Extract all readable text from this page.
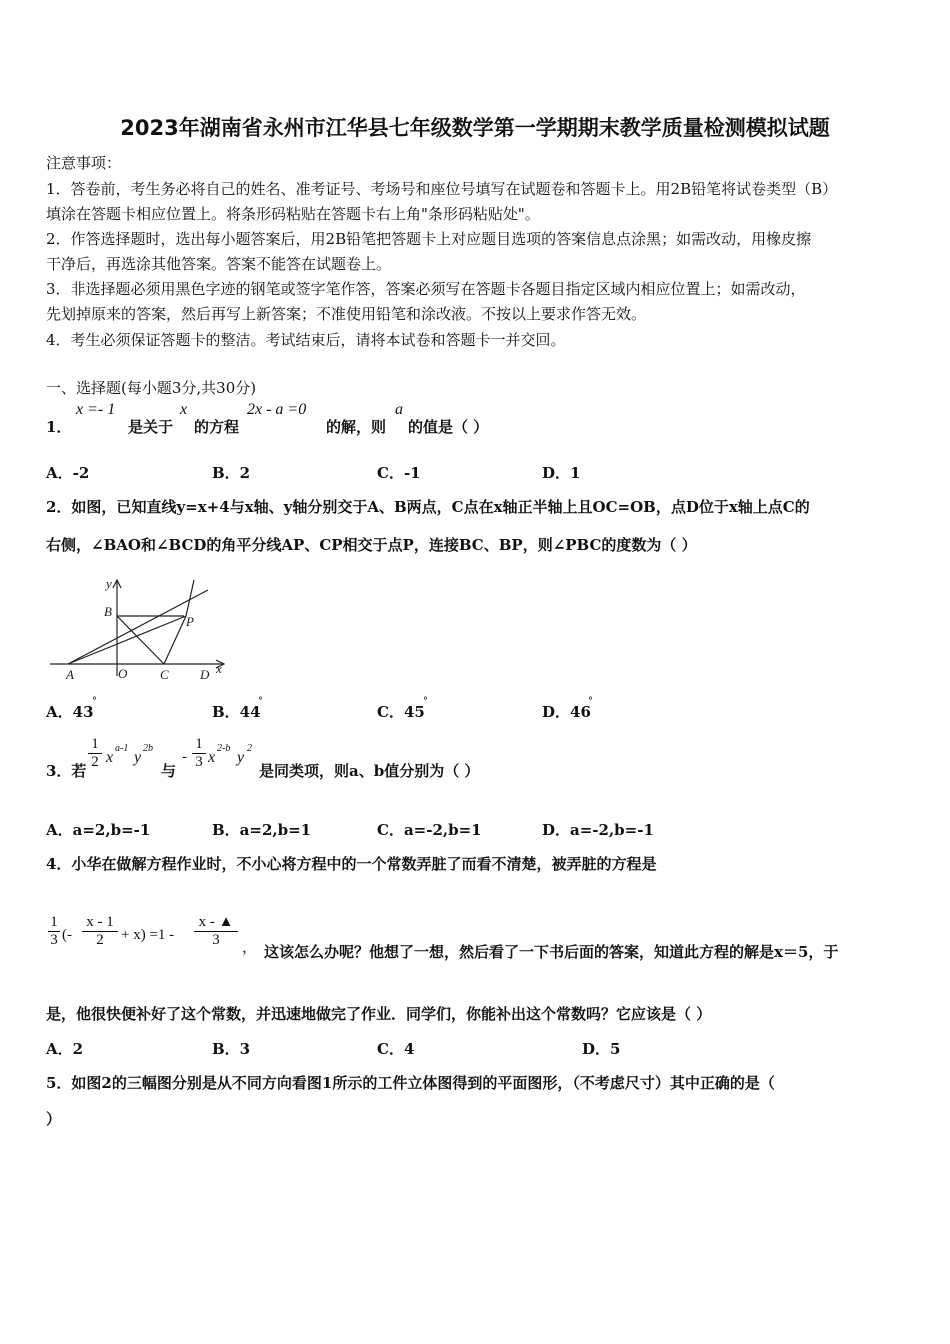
2023年湖南省永州市江华县七年级数学第一学期期末教学质量检测模拟试题
注意事项：
1．答卷前，考生务必将自己的姓名、准考证号、考场号和座位号填写在试题卷和答题卡上。用2B铅笔将试卷类型（B）
填涂在答题卡相应位置上。将条形码粘贴在答题卡右上角"条形码粘贴处"。
2．作答选择题时，选出每小题答案后，用2B铅笔把答题卡上对应题目选项的答案信息点涂黑；如需改动，用橡皮擦
干净后，再选涂其他答案。答案不能答在试题卷上。
3．非选择题必须用黑色字迹的钢笔或签字笔作答，答案必须写在答题卡各题目指定区域内相应位置上；如需改动，
先划掉原来的答案，然后再写上新答案；不准使用铅笔和涂改液。不按以上要求作答无效。
4．考生必须保证答题卡的整洁。考试结束后，请将本试卷和答题卡一并交回。
一、选择题(每小题3分,共30分)
1．
x =- 1
是关于
x
的方程
2x - a =0
的解，则
a
的值是（ ）
A．-2	B．2	C．-1	D．1
2．如图，已知直线y=x+4与x轴、y轴分别交于A、B两点，C点在x轴正半轴上且OC=OB，点D位于x轴上点C的
右侧，∠BAO和∠BCD的角平分线AP、CP相交于点P，连接BC、BP，则∠PBC的度数为（ ）
y
B
P
A	O	C D x
A．43
°
B．44
°
C．45
°
D．46
°
3．若 $\frac{1}{2}$ x
a-1
y
2b
与
- $\frac{1}{3}$ x
2-b
y
2
是同类项，则a、b值分别为（ ）
A．a=2,b=-1	B．a=2,b=1	C．a=-2,b=1	D．a=-2,b=-1
4．小华在做解方程作业时，不小心将方程中的一个常数弄脏了而看不清楚，被弄脏的方程是
$\frac{1}{3}$ (- $\frac{x - 1}{2} + x) =1 - \frac{x - ▲}{3}$ ， 这该怎么办呢？他想了一想，然后看了一下书后面的答案，知道此方程的解是x＝5，于
是，他很快便补好了这个常数，并迅速地做完了作业．同学们，你能补出这个常数吗？它应该是（ ）
A．2	B．3	C．4	D．5
5．如图2的三幅图分别是从不同方向看图1所示的工件立体图得到的平面图形，（不考虑尺寸）其中正确的是（
）
